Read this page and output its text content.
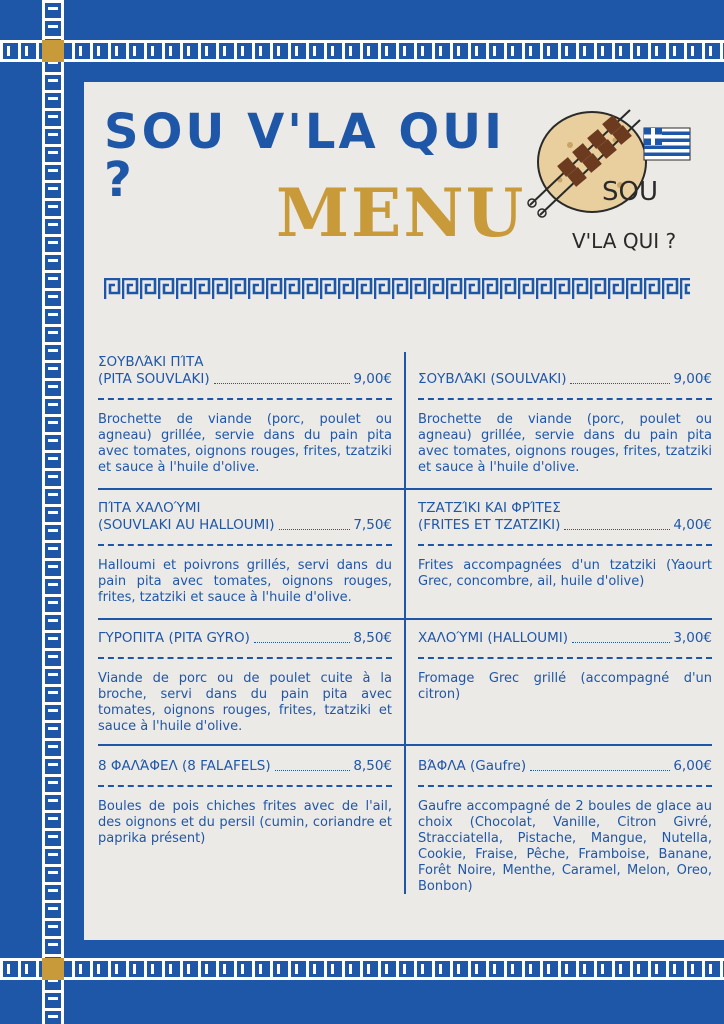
SOU V'LA QUI ?	MENU	SOU
V'LA QUI ?
ΣΟΥΒΛΆΚΙ ΠΊΤΑ
(PITA SOUVLAKI)	9,00€
Brochette de viande (porc, poulet ou agneau) grillée, servie dans du pain pita avec tomates, oignons rouges, frites, tzatziki et sauce à l'huile d'olive.
ΠΊΤΑ ΧΑΛΟΎΜΙ
(SOUVLAKI AU HALLOUMI)	7,50€
Halloumi et poivrons grillés, servi dans du pain pita avec tomates, oignons rouges, frites, tzatziki et sauce à l'huile d'olive.
ΓΥΡΟΠΙΤΑ (PITA GYRO)	8,50€
Viande de porc ou de poulet cuite à la broche, servi dans du pain pita avec tomates, oignons rouges, frites, tzatziki et sauce à l'huile d'olive.
8 ΦΑΛΆΦΕΛ (8 FALAFELS)	8,50€
Boules de pois chiches frites avec de l'ail, des oignons et du persil (cumin, coriandre et paprika présent)
ΣΟΥΒΛΆΚΙ (SOULVAKI)	9,00€
Brochette de viande (porc, poulet ou agneau) grillée, servie dans du pain pita avec tomates, oignons rouges, frites, tzatziki et sauce à l'huile d'olive.
ΤΖΑΤΖΊΚΙ ΚΑΙ ΦΡΊΤΕΣ
(FRITES ET TZATZIKI)	4,00€
Frites accompagnées d'un tzatziki (Yaourt Grec, concombre, ail, huile d'olive)
ΧΑΛΟΎΜΙ (HALLOUMI)	3,00€
Fromage Grec grillé (accompagné d'un citron)
ΒΆΦΛΑ (Gaufre)	6,00€
Gaufre accompagné de 2 boules de glace au choix (Chocolat, Vanille, Citron Givré, Stracciatella, Pistache, Mangue, Nutella, Cookie, Fraise, Pêche, Framboise, Banane, Forêt Noire, Menthe, Caramel, Melon, Oreo, Bonbon)
